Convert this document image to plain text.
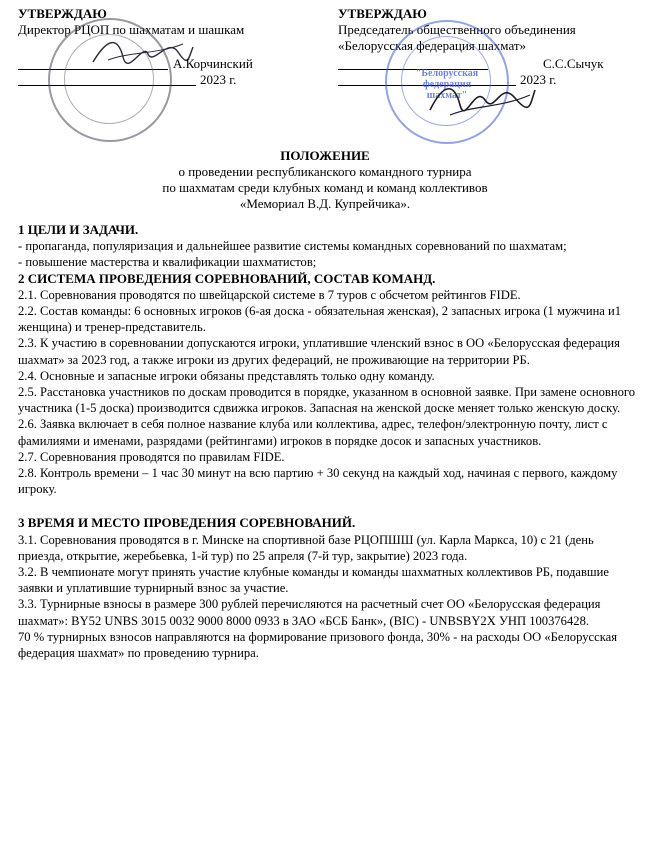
УТВЕРЖДАЮ
Директор РЦОП по шахматам и шашкам
А.Корчинский
2023 г.
УТВЕРЖДАЮ
Председатель общественного объединения
«Белорусская федерация шахмат»
С.С.Сычук
2023 г.
"Белорусская федерация шахмат"
ПОЛОЖЕНИЕ
о проведении республиканского командного турнира
по шахматам среди клубных команд и команд коллективов
«Мемориал В.Д. Купрейчика».

1 ЦЕЛИ И ЗАДАЧИ.

- пропаганда, популяризация и дальнейшее развитие системы командных соревнований по шахматам;

- повышение мастерства и квалификации шахматистов;

2 СИСТЕМА ПРОВЕДЕНИЯ СОРЕВНОВАНИЙ, СОСТАВ КОМАНД.

2.1. Соревнования проводятся по швейцарской системе в 7 туров с обсчетом рейтингов FIDE.

2.2. Состав команды: 6 основных игроков (6-ая доска - обязательная женская), 2 запасных игрока (1 мужчина и1 женщина) и тренер-представитель.

2.3. К участию в соревновании допускаются игроки, уплатившие членский взнос в ОО «Белорусская федерация шахмат» за 2023 год, а также игроки из других федераций, не проживающие на территории РБ.

2.4. Основные и запасные игроки обязаны представлять только одну команду.

2.5. Расстановка участников по доскам проводится в порядке, указанном в основной заявке. При замене основного участника (1-5 доска) производится сдвижка игроков. Запасная на женской доске меняет только женскую доску.

2.6. Заявка включает в себя полное название клуба или коллектива, адрес, телефон/электронную почту, лист с фамилиями и именами, разрядами (рейтингами) игроков в порядке досок и запасных участников.

2.7. Соревнования проводятся по правилам FIDE.

2.8. Контроль времени – 1 час 30 минут на всю партию + 30 секунд на каждый ход, начиная с первого, каждому игроку.

3 ВРЕМЯ И МЕСТО ПРОВЕДЕНИЯ СОРЕВНОВАНИЙ.

3.1. Соревнования проводятся в г. Минске на спортивной базе РЦОПШШ (ул. Карла Маркса, 10) с 21 (день приезда, открытие, жеребьевка, 1-й тур) по 25 апреля (7-й тур, закрытие) 2023 года.

3.2. В чемпионате могут принять участие клубные команды и команды шахматных коллективов РБ, подавшие заявки и уплатившие турнирный взнос за участие.

3.3. Турнирные взносы в размере 300 рублей перечисляются на расчетный счет ОО «Белорусская федерация шахмат»: BY52 UNBS 3015 0032 9000 8000 0933 в ЗАО «БСБ Банк», (BIC) - UNBSBY2X УНП 100376428.

70 % турнирных взносов направляются на формирование призового фонда, 30% - на расходы ОО «Белорусская федерация шахмат» по проведению турнира.
